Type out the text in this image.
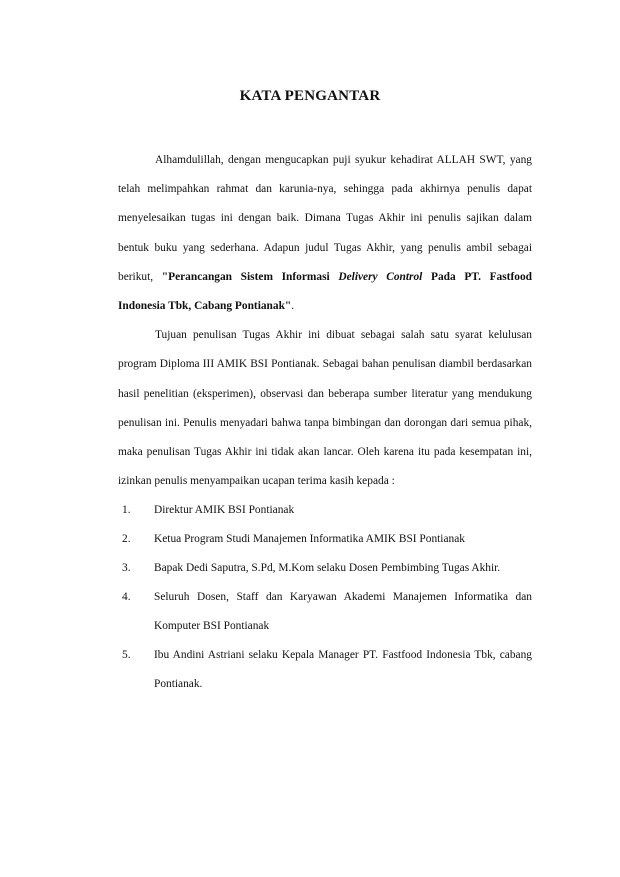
KATA PENGANTAR

Alhamdulillah, dengan mengucapkan puji syukur kehadirat ALLAH SWT, yang telah melimpahkan rahmat dan karunia-nya, sehingga pada akhirnya penulis dapat menyelesaikan tugas ini dengan baik. Dimana Tugas Akhir ini penulis sajikan dalam bentuk buku yang sederhana. Adapun judul Tugas Akhir, yang penulis ambil sebagai berikut, "Perancangan Sistem Informasi Delivery Control Pada PT. Fastfood Indonesia Tbk, Cabang Pontianak".

Tujuan penulisan Tugas Akhir ini dibuat sebagai salah satu syarat kelulusan program Diploma III AMIK BSI Pontianak. Sebagai bahan penulisan diambil berdasarkan hasil penelitian (eksperimen), observasi dan beberapa sumber literatur yang mendukung penulisan ini. Penulis menyadari bahwa tanpa bimbingan dan dorongan dari semua pihak, maka penulisan Tugas Akhir ini tidak akan lancar. Oleh karena itu pada kesempatan ini, izinkan penulis menyampaikan ucapan terima kasih kepada :

1. Direktur AMIK BSI Pontianak
2. Ketua Program Studi Manajemen Informatika AMIK BSI Pontianak
3. Bapak Dedi Saputra, S.Pd, M.Kom selaku Dosen Pembimbing Tugas Akhir.
4. Seluruh Dosen, Staff dan Karyawan Akademi Manajemen Informatika dan Komputer BSI Pontianak
5. Ibu Andini Astriani selaku Kepala Manager PT. Fastfood Indonesia Tbk, cabang Pontianak.
